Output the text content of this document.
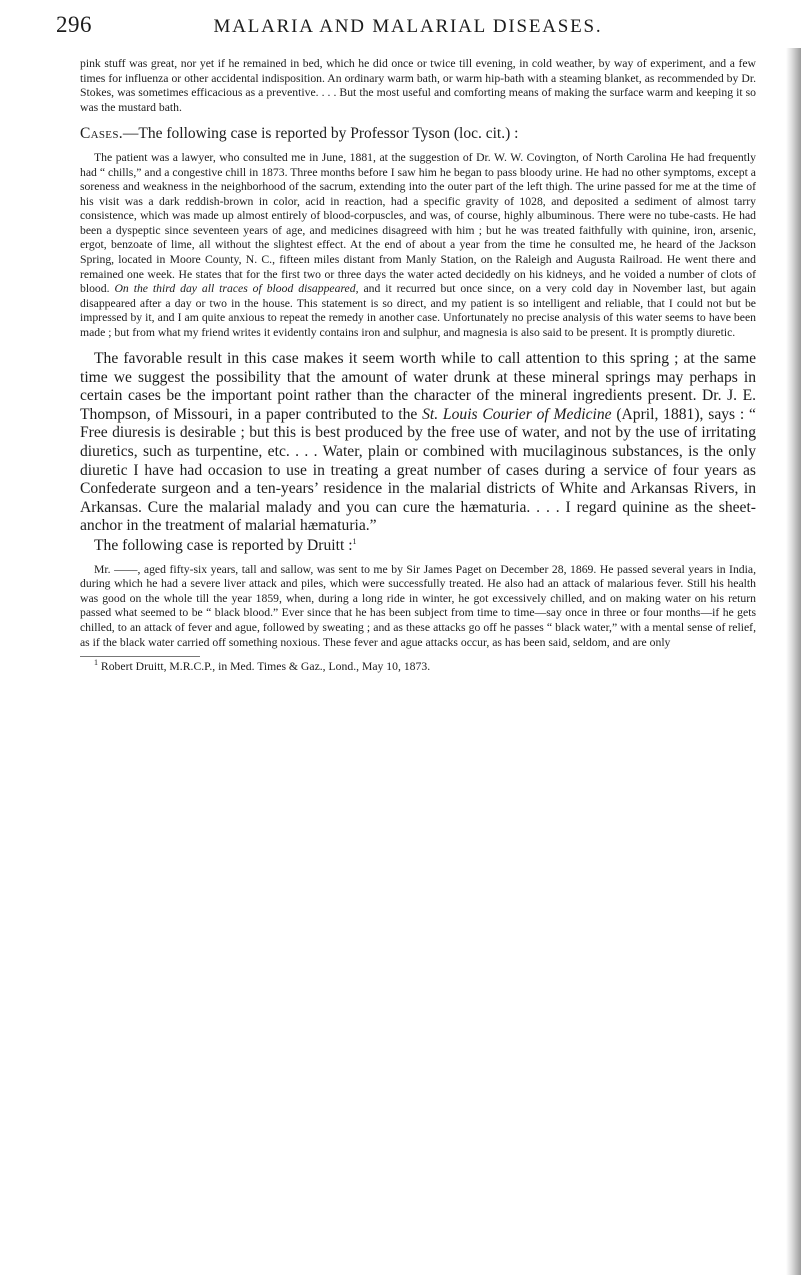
296	MALARIA AND MALARIAL DISEASES.

pink stuff was great, nor yet if he remained in bed, which he did once or twice till evening, in cold weather, by way of experiment, and a few times for influenza or other accidental indisposition. An ordinary warm bath, or warm hip-bath with a steaming blanket, as recommended by Dr. Stokes, was sometimes efficacious as a preventive. . . . But the most useful and comforting means of making the surface warm and keeping it so was the mustard bath.

Cases.—The following case is reported by Professor Tyson (loc. cit.) :

The patient was a lawyer, who consulted me in June, 1881, at the suggestion of Dr. W. W. Covington, of North Carolina He had frequently had “ chills,” and a congestive chill in 1873. Three months before I saw him he began to pass bloody urine. He had no other symptoms, except a soreness and weakness in the neighborhood of the sacrum, extending into the outer part of the left thigh. The urine passed for me at the time of his visit was a dark reddish-brown in color, acid in reaction, had a specific gravity of 1028, and deposited a sediment of almost tarry consistence, which was made up almost entirely of blood-corpuscles, and was, of course, highly albuminous. There were no tube-casts. He had been a dyspeptic since seventeen years of age, and medicines disagreed with him ; but he was treated faithfully with quinine, iron, arsenic, ergot, benzoate of lime, all without the slightest effect. At the end of about a year from the time he consulted me, he heard of the Jackson Spring, located in Moore County, N. C., fifteen miles distant from Manly Station, on the Raleigh and Augusta Railroad. He went there and remained one week. He states that for the first two or three days the water acted decidedly on his kidneys, and he voided a number of clots of blood. On the third day all traces of blood disappeared, and it recurred but once since, on a very cold day in November last, but again disappeared after a day or two in the house. This statement is so direct, and my patient is so intelligent and reliable, that I could not but be impressed by it, and I am quite anxious to repeat the remedy in another case. Unfortunately no precise analysis of this water seems to have been made ; but from what my friend writes it evidently contains iron and sulphur, and magnesia is also said to be present. It is promptly diuretic.

The favorable result in this case makes it seem worth while to call attention to this spring ; at the same time we suggest the possibility that the amount of water drunk at these mineral springs may perhaps in certain cases be the important point rather than the character of the mineral ingredients present. Dr. J. E. Thompson, of Missouri, in a paper contributed to the St. Louis Courier of Medicine (April, 1881), says : “ Free diuresis is desirable ; but this is best produced by the free use of water, and not by the use of irritating diuretics, such as turpentine, etc. . . . Water, plain or combined with mucilaginous substances, is the only diuretic I have had occasion to use in treating a great number of cases during a service of four years as Confederate surgeon and a ten-years’ residence in the malarial districts of White and Arkansas Rivers, in Arkansas. Cure the malarial malady and you can cure the hæmaturia. . . . I regard quinine as the sheet-anchor in the treatment of malarial hæmaturia.”

The following case is reported by Druitt :$^1$

Mr. ——, aged fifty-six years, tall and sallow, was sent to me by Sir James Paget on December 28, 1869. He passed several years in India, during which he had a severe liver attack and piles, which were successfully treated. He also had an attack of malarious fever. Still his health was good on the whole till the year 1859, when, during a long ride in winter, he got excessively chilled, and on making water on his return passed what seemed to be “ black blood.” Ever since that he has been subject from time to time—say once in three or four months—if he gets chilled, to an attack of fever and ague, followed by sweating ; and as these attacks go off he passes “ black water,” with a mental sense of relief, as if the black water carried off something noxious. These fever and ague attacks occur, as has been said, seldom, and are only

$^1$ Robert Druitt, M.R.C.P., in Med. Times & Gaz., Lond., May 10, 1873.
